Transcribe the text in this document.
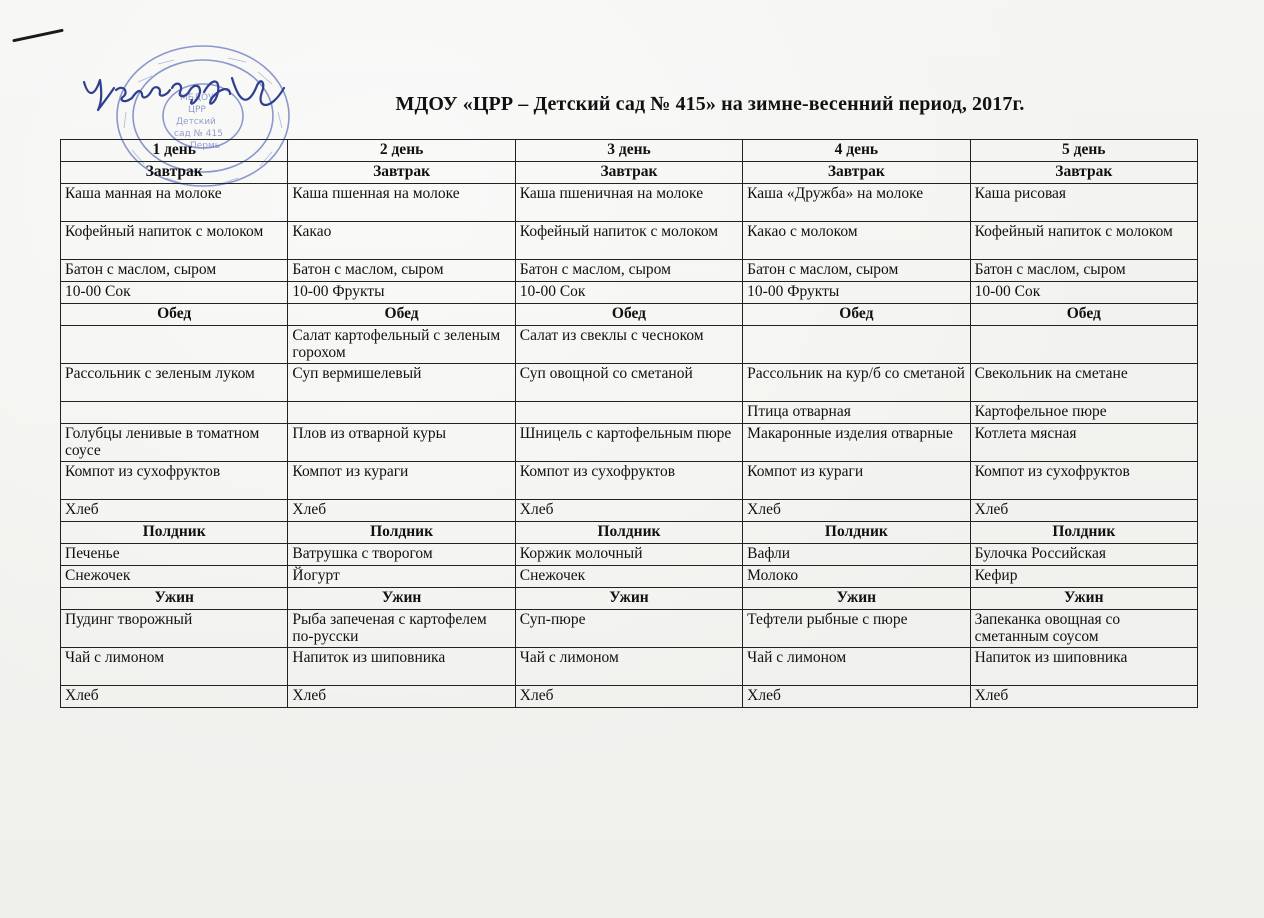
МБДОУ
ЦРР
Детский
сад № 415
Пермь
МДОУ «ЦРР – Детский сад № 415» на зимне-весенний период, 2017г.
1 день	2 день	3 день	4 день	5 день
Завтрак	Завтрак	Завтрак	Завтрак	Завтрак
Каша манная на молоке	Каша пшенная на молоке	Каша пшеничная на молоке	Каша «Дружба» на молоке	Каша рисовая
Кофейный напиток с молоком	Какао	Кофейный напиток с молоком	Какао с молоком	Кофейный напиток с молоком
Батон с маслом, сыром	Батон с маслом, сыром	Батон с маслом, сыром	Батон с маслом, сыром	Батон с маслом, сыром
10-00 Сок	10-00 Фрукты	10-00 Сок	10-00 Фрукты	10-00 Сок
Обед	Обед	Обед	Обед	Обед
	Салат картофельный с зеленым горохом	Салат из свеклы с чесноком		
Рассольник с зеленым луком	Суп вермишелевый	Суп овощной со сметаной	Рассольник на кур/б со сметаной	Свекольник на сметане
			Птица отварная	Картофельное пюре
Голубцы ленивые в томатном соусе	Плов из отварной куры	Шницель с картофельным пюре	Макаронные изделия отварные	Котлета мясная
Компот из сухофруктов	Компот из кураги	Компот из сухофруктов	Компот из кураги	Компот из сухофруктов
Хлеб	Хлеб	Хлеб	Хлеб	Хлеб
Полдник	Полдник	Полдник	Полдник	Полдник
Печенье	Ватрушка с творогом	Коржик молочный	Вафли	Булочка Российская
Снежочек	Йогурт	Снежочек	Молоко	Кефир
Ужин	Ужин	Ужин	Ужин	Ужин
Пудинг творожный	Рыба запеченая с картофелем по-русски	Суп-пюре	Тефтели рыбные с пюре	Запеканка овощная со сметанным соусом
Чай с лимоном	Напиток из шиповника	Чай с лимоном	Чай с лимоном	Напиток из шиповника
Хлеб	Хлеб	Хлеб	Хлеб	Хлеб
